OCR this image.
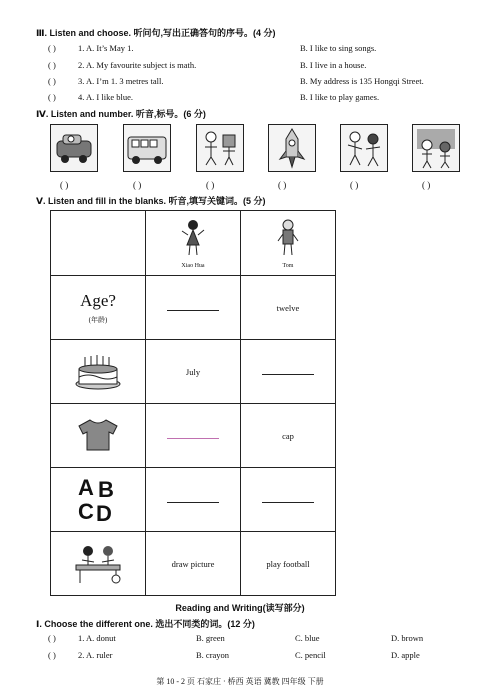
Ⅲ. Listen and choose. 听问句,写出正确答句的序号。(4 分)
( )	1. A. It’s May 1.	B. I like to sing songs.
( )	2. A. My favourite subject is math.	B. I live in a house.
( )	3. A. I’m 1. 3 metres tall.	B. My address is 135 Hongqi Street.
( )	4. A. I like blue.	B. I like to play games.
Ⅳ. Listen and number. 听音,标号。(6 分)
( )	( )	( )	( )	( )	( )
Ⅴ. Listen and fill in the blanks. 听音,填写关键词。(5 分)

	Xiao Hua	Tom

Age?
(年龄)		twelve
	July	
		cap

A B
C D		

	draw picture	play football
Reading and Writing(读写部分)
Ⅰ. Choose the different one. 选出不同类的词。(12 分)
( )	1. A. donut	B. green	C. blue	D. brown
( )	2. A. ruler	B. crayon	C. pencil	D. apple
第 10 - 2 页 石家庄 · 桥西 英语 冀教 四年级 下册
